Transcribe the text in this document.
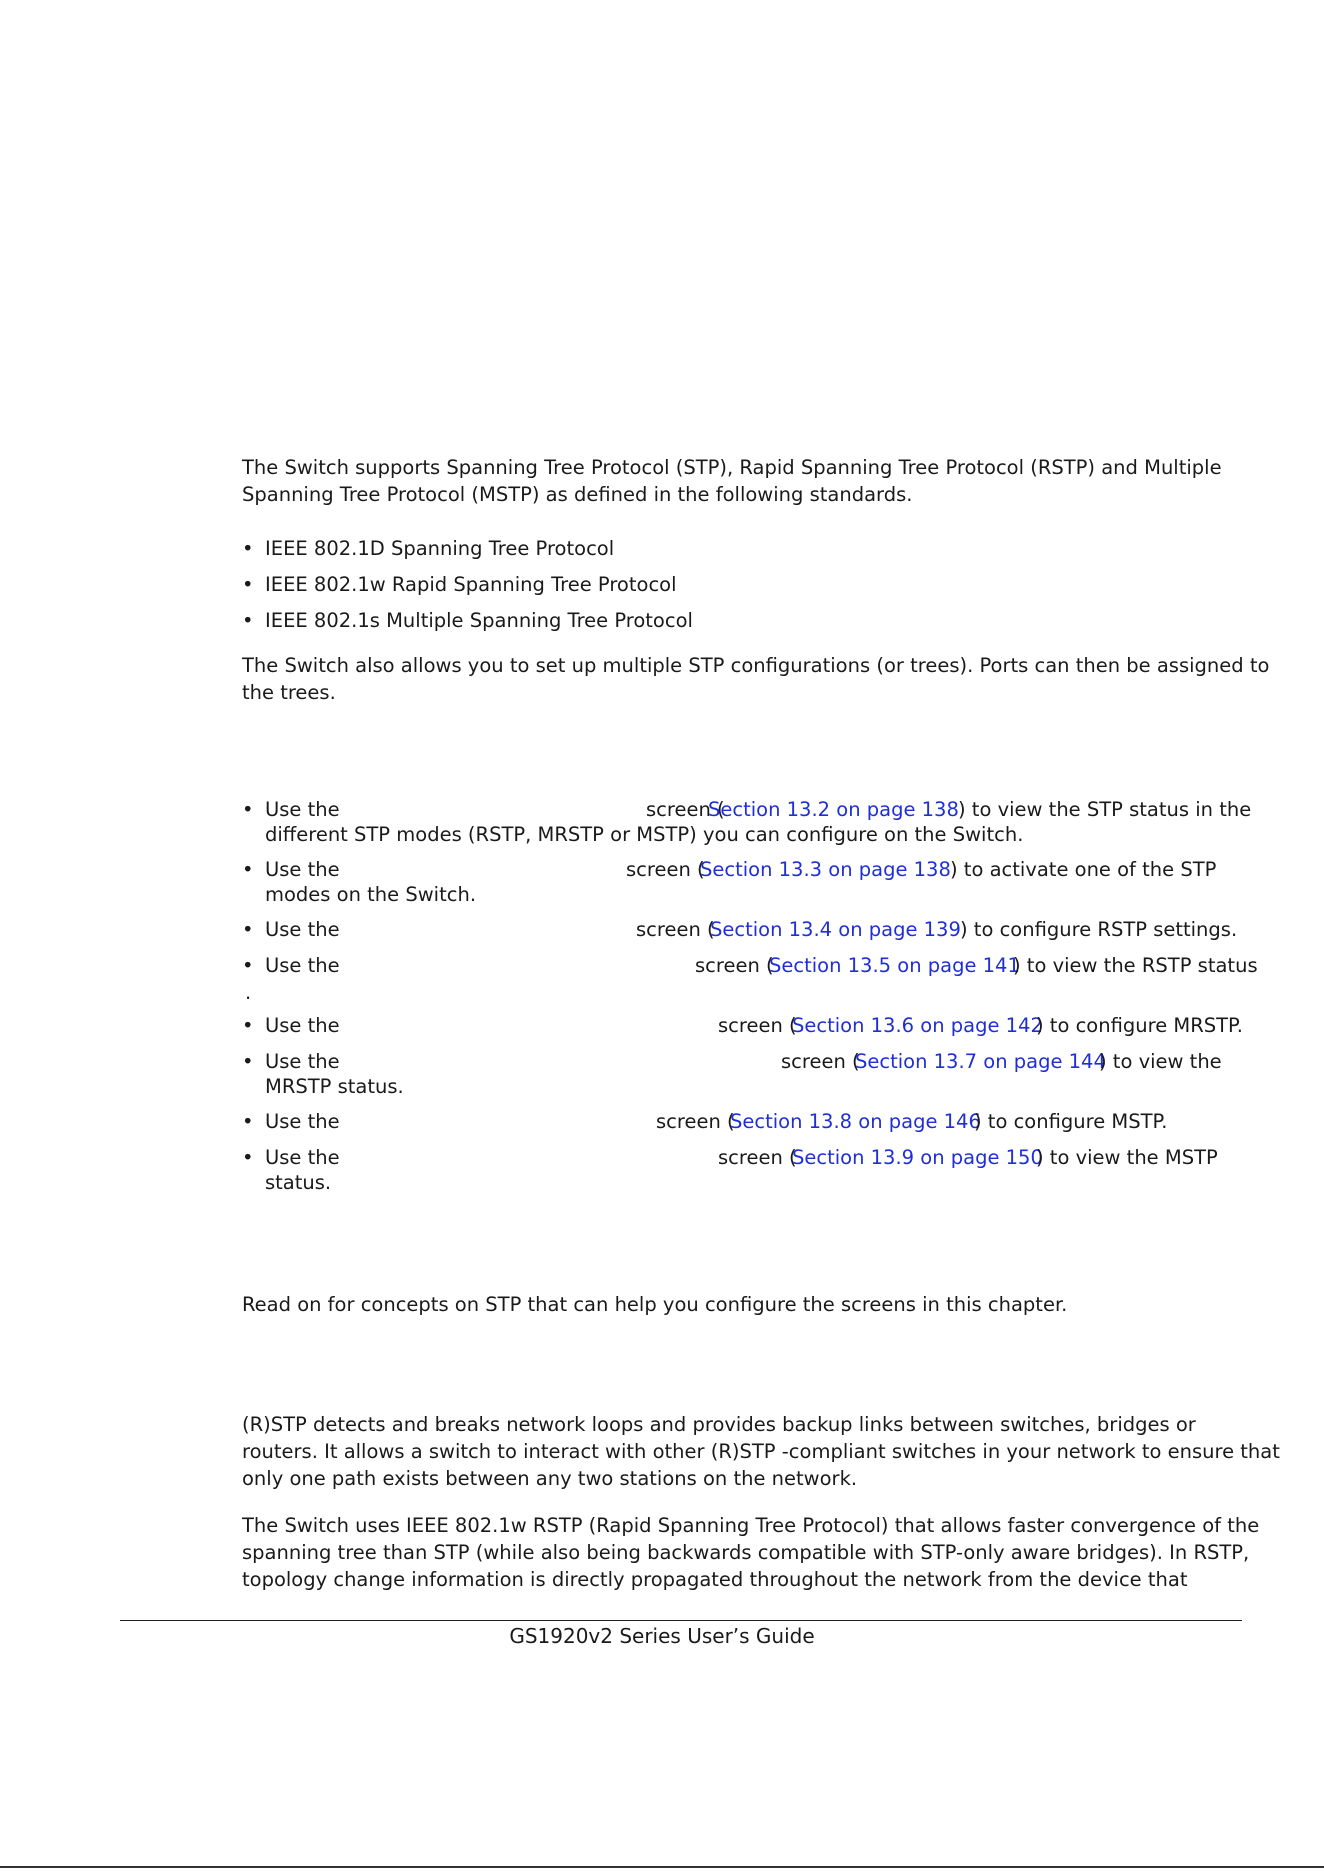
The Switch supports Spanning Tree Protocol (STP), Rapid Spanning Tree Protocol (RSTP) and Multiple
Spanning Tree Protocol (MSTP) as defined in the following standards.
• IEEE 802.1D Spanning Tree Protocol
• IEEE 802.1w Rapid Spanning Tree Protocol
• IEEE 802.1s Multiple Spanning Tree Protocol
The Switch also allows you to set up multiple STP configurations (or trees). Ports can then be assigned to
the trees.
• Use the	screen (
Section 13.2 on page 138 ) to view the STP status in the
different STP modes (RSTP, MRSTP or MSTP) you can configure on the Switch.
• Use the	screen (
Section 13.3 on page 138 ) to activate one of the STP
modes on the Switch.
• Use the	screen (
Section 13.4 on page 139 ) to configure RSTP settings.
• Use the	screen (
Section 13.5 on page 141
) to view the RSTP status
.
• Use the	screen (
Section 13.6 on page 142
) to configure MRSTP.
• Use the	screen (
Section 13.7 on page 144
) to view the
MRSTP status.
• Use the	screen (
Section 13.8 on page 146
) to configure MSTP.
• Use the	screen (
Section 13.9 on page 150
) to view the MSTP
status.
Read on for concepts on STP that can help you configure the screens in this chapter.
(R)STP detects and breaks network loops and provides backup links between switches, bridges or
routers. It allows a switch to interact with other (R)STP -compliant switches in your network to ensure that
only one path exists between any two stations on the network.
The Switch uses IEEE 802.1w RSTP (Rapid Spanning Tree Protocol) that allows faster convergence of the
spanning tree than STP (while also being backwards compatible with STP-only aware bridges). In RSTP,
topology change information is directly propagated throughout the network from the device that
GS1920v2 Series User’s Guide
